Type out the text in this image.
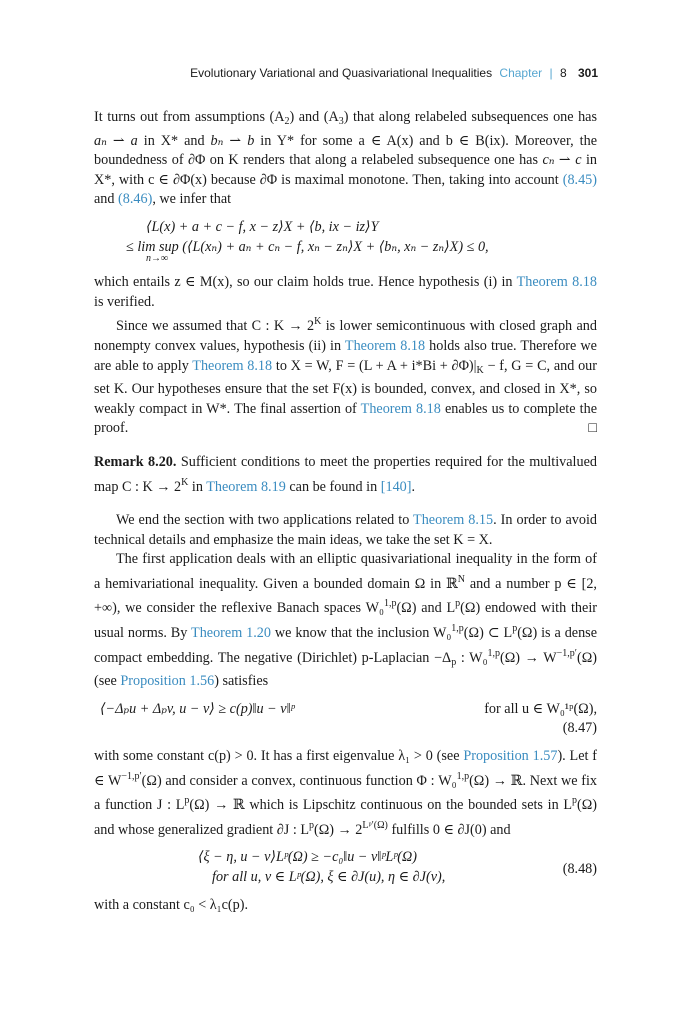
Evolutionary Variational and Quasivariational Inequalities Chapter | 8 301

It turns out from assumptions $(A_2)$ and $(A_3)$ that along relabeled subsequences one has aₙ ⇀ a in X* and bₙ ⇀ b in Y* for some a ∈ A(x) and b ∈ B(ix). Moreover, the boundedness of ∂Φ on K renders that along a relabeled subsequence one has cₙ ⇀ c in X*, with c ∈ ∂Φ(x) because ∂Φ is maximal monotone. Then, taking into account (8.45) and (8.46), we infer that

⟨L(x) + a + c − f, x − z⟩X + ⟨b, ix − iz⟩Y
≤ lim sup (⟨L(xₙ) + aₙ + cₙ − f, xₙ − zₙ⟩X + ⟨bₙ, xₙ − zₙ⟩X) ≤ 0,
n→∞

which entails z ∈ M(x), so our claim holds true. Hence hypothesis (i) in Theorem 8.18 is verified.

Since we assumed that C : $K \to 2^K$ is lower semicontinuous with closed graph and nonempty convex values, hypothesis (ii) in Theorem 8.18 holds also true. Therefore we are able to apply Theorem 8.18 to X = W, $F = (L + A + i*Bi + \partial\Phi)|_K - f$, G = C, and our set K. Our hypotheses ensure that the set F(x) is bounded, convex, and closed in X*, so weakly compact in W*. The final assertion of Theorem 8.18 enables us to complete the proof.	□

Remark 8.20. Sufficient conditions to meet the properties required for the multivalued map C : $K \to 2^K$ in Theorem 8.19 can be found in [140].

We end the section with two applications related to Theorem 8.15. In order to avoid technical details and emphasize the main ideas, we take the set K = X.

The first application deals with an elliptic quasivariational inequality in the form of a hemivariational inequality. Given a bounded domain Ω in ℝ$^N$ and a number p ∈ [2, +∞), we consider the reflexive Banach spaces W₀$^{1,p}$(Ω) and $L^p(\Omega)$ endowed with their usual norms. By Theorem 1.20 we know that the inclusion W₀$^{1,p}$(Ω) ⊂ $L^p(\Omega)$ is a dense compact embedding. The negative (Dirichlet) p-Laplacian $-\Delta_p$ : $W_0^{1,p}(\Omega) \to W^{-1,p'}(\Omega)$ (see Proposition 1.56) satisfies

⟨−Δₚu + Δₚv, u − v⟩ ≥ c(p)‖u − v‖ᵖ	for all u ∈ W₀¹ᵖ(Ω),
(8.47)

with some constant c(p) > 0. It has a first eigenvalue λ₁ > 0 (see Proposition 1.57). Let f ∈ $W^{-1,p'}(\Omega)$ and consider a convex, continuous function Φ : W₀$^{1,p}$(Ω) → ℝ. Next we fix a function J : $L^p(\Omega)$ → ℝ which is Lipschitz continuous on the bounded sets in $L^p(\Omega)$ and whose generalized gradient ∂J : $L^p(\Omega) \to 2^{Lᵖ'(\Omega)}$ fulfills 0 ∈ ∂J(0) and

(8.48)
⟨ξ − η, u − v⟩Lᵖ(Ω) ≥ −c₀‖u − v‖ᵖLᵖ(Ω)
for all u, v ∈ Lᵖ(Ω), ξ ∈ ∂J(u), η ∈ ∂J(v),

with a constant c₀ < λ₁c(p).
